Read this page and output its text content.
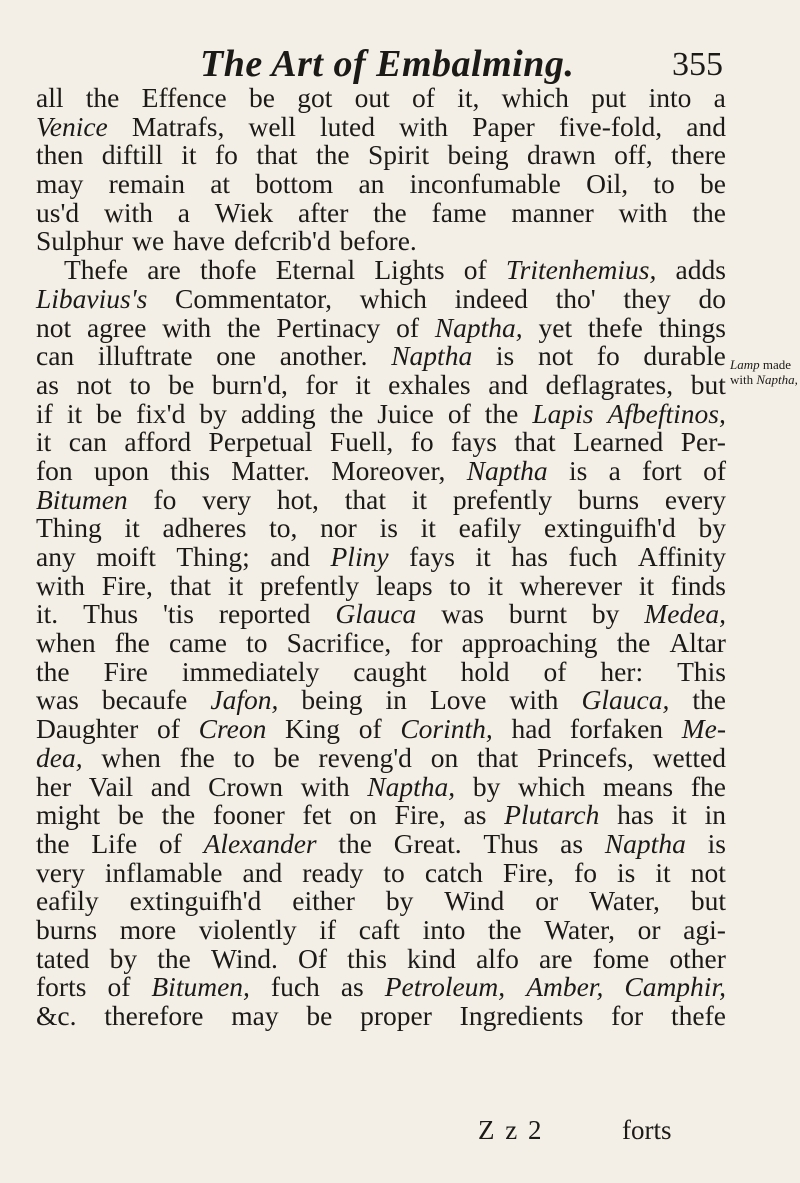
The Art of Embalming.	355
all the Effence be got out of it, which put into a
Venice Matrafs, well luted with Paper five-fold, and
then diftill it fo that the Spirit being drawn off, there
may remain at bottom an inconfumable Oil, to be
us'd with a Wiek after the fame manner with the
Sulphur we have defcrib'd before.
Thefe are thofe Eternal Lights of Tritenhemius, adds
Libavius's Commentator, which indeed tho' they do
not agree with the Pertinacy of Naptha, yet thefe things
can illuftrate one another. Naptha is not fo durable
as not to be burn'd, for it exhales and deflagrates, but
if it be fix'd by adding the Juice of the Lapis Afbeftinos,
it can afford Perpetual Fuell, fo fays that Learned Per-
fon upon this Matter. Moreover, Naptha is a fort of
Bitumen fo very hot, that it prefently burns every
Thing it adheres to, nor is it eafily extinguifh'd by
any moift Thing; and Pliny fays it has fuch Affinity
with Fire, that it prefently leaps to it wherever it finds
it. Thus 'tis reported Glauca was burnt by Medea,
when fhe came to Sacrifice, for approaching the Altar
the Fire immediately caught hold of her: This
was becaufe Jafon, being in Love with Glauca, the
Daughter of Creon King of Corinth, had forfaken Me-
dea, when fhe to be reveng'd on that Princefs, wetted
her Vail and Crown with Naptha, by which means fhe
might be the fooner fet on Fire, as Plutarch has it in
the Life of Alexander the Great. Thus as Naptha is
very inflamable and ready to catch Fire, fo is it not
eafily extinguifh'd either by Wind or Water, but
burns more violently if caft into the Water, or agi-
tated by the Wind. Of this kind alfo are fome other
forts of Bitumen, fuch as Petroleum, Amber, Camphir,
&c. therefore may be proper Ingredients for thefe
Lamp made
with Naptha,
Z z 2	forts
